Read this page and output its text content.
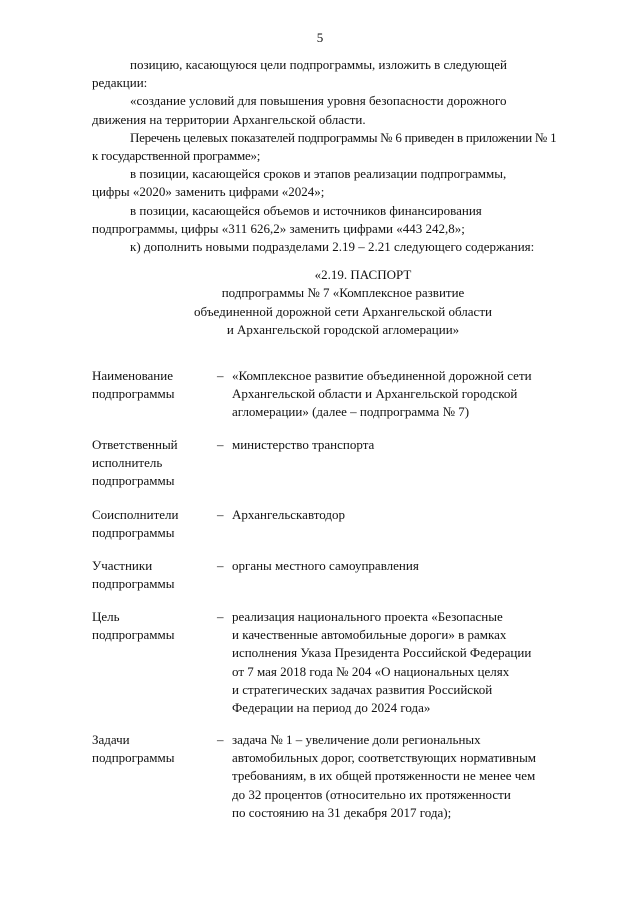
5

позицию, касающуюся цели подпрограммы, изложить в следующей
редакции:

«создание условий для повышения уровня безопасности дорожного
движения на территории Архангельской области.

Перечень целевых показателей подпрограммы № 6 приведен в приложении № 1
к государственной программе»;

в позиции, касающейся сроков и этапов реализации подпрограммы,
цифры «2020» заменить цифрами «2024»;

в позиции, касающейся объемов и источников финансирования
подпрограммы, цифры «311 626,2» заменить цифрами «443 242,8»;

к) дополнить новыми подразделами 2.19 – 2.21 следующего содержания:

«2.19. ПАСПОРТ
подпрограммы № 7 «Комплексное развитие
объединенной дорожной сети Архангельской области
и Архангельской городской агломерации»
Наименование
подпрограммы
– «Комплексное развитие объединенной дорожной сети
Архангельской области и Архангельской городской
агломерации» (далее – подпрограмма № 7)
Ответственный
исполнитель
подпрограммы
– министерство транспорта
Соисполнители
подпрограммы
– Архангельскавтодор
Участники
подпрограммы
– органы местного самоуправления
Цель
подпрограммы
– реализация национального проекта «Безопасные
и качественные автомобильные дороги» в рамках
исполнения Указа Президента Российской Федерации
от 7 мая 2018 года № 204 «О национальных целях
и стратегических задачах развития Российской
Федерации на период до 2024 года»
Задачи
подпрограммы
– задача № 1 – увеличение доли региональных
автомобильных дорог, соответствующих нормативным
требованиям, в их общей протяженности не менее чем
до 32 процентов (относительно их протяженности
по состоянию на 31 декабря 2017 года);
